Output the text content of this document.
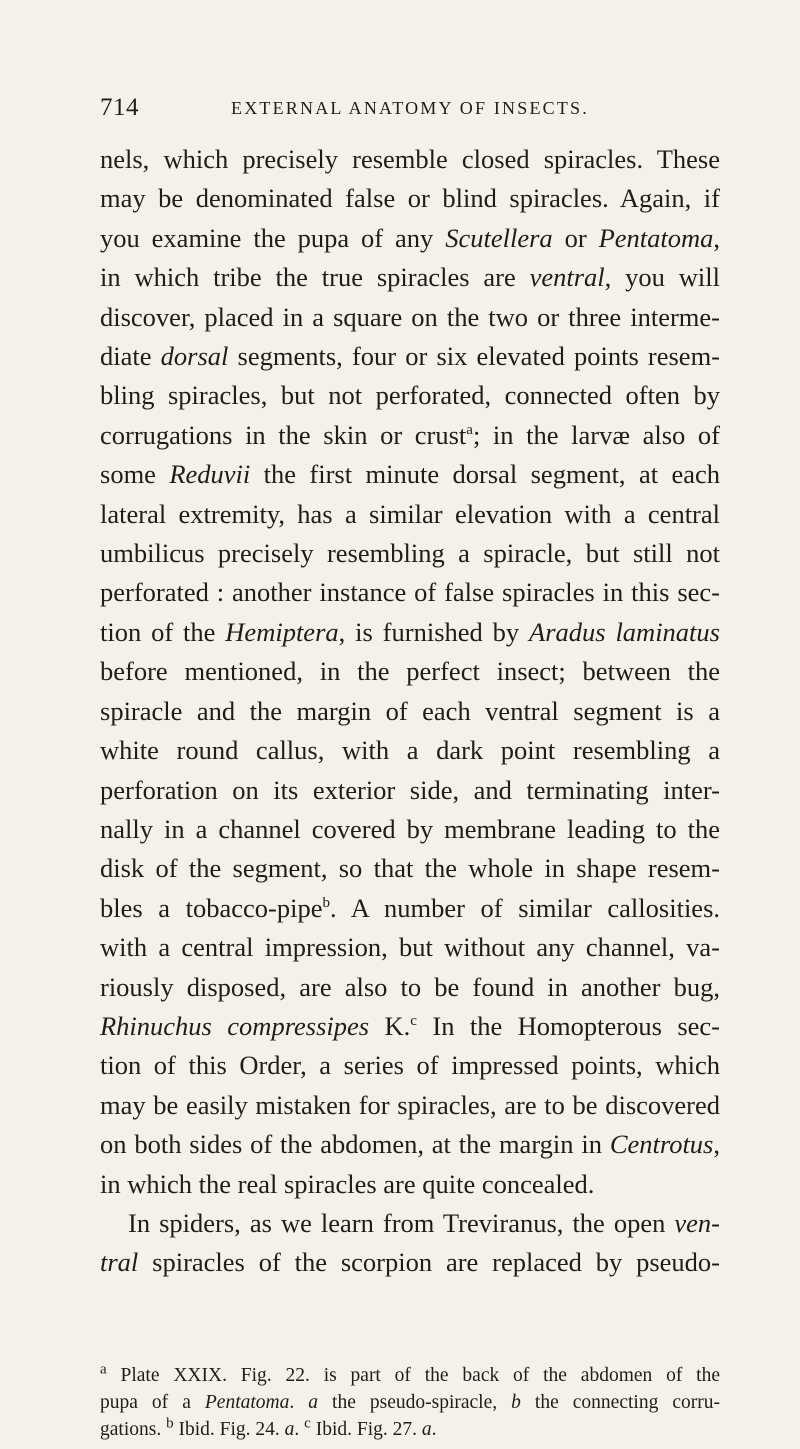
714	EXTERNAL ANATOMY OF INSECTS.
nels, which precisely resemble closed spiracles. These
may be denominated false or blind spiracles. Again, if
you examine the pupa of any Scutellera or Pentatoma,
in which tribe the true spiracles are ventral, you will
discover, placed in a square on the two or three interme-
diate dorsal segments, four or six elevated points resem-
bling spiracles, but not perforated, connected often by
corrugations in the skin or crust$^a$; in the larvæ also of
some Reduvii the first minute dorsal segment, at each
lateral extremity, has a similar elevation with a central
umbilicus precisely resembling a spiracle, but still not
perforated : another instance of false spiracles in this sec-
tion of the Hemiptera, is furnished by Aradus laminatus
before mentioned, in the perfect insect; between the
spiracle and the margin of each ventral segment is a
white round callus, with a dark point resembling a
perforation on its exterior side, and terminating inter-
nally in a channel covered by membrane leading to the
disk of the segment, so that the whole in shape resem-
bles a tobacco-pipe$^b$. A number of similar callosities.
with a central impression, but without any channel, va-
riously disposed, are also to be found in another bug,
Rhinuchus compressipes K.$^c$ In the Homopterous sec-
tion of this Order, a series of impressed points, which
may be easily mistaken for spiracles, are to be discovered
on both sides of the abdomen, at the margin in Centrotus,
in which the real spiracles are quite concealed.
In spiders, as we learn from Treviranus, the open ven-
tral spiracles of the scorpion are replaced by pseudo-
$^a$ Plate XXIX. Fig. 22. is part of the back of the abdomen of the
pupa of a Pentatoma. a the pseudo-spiracle, b the connecting corru-
gations. $^b$ Ibid. Fig. 24. a. $^c$ Ibid. Fig. 27. a.
